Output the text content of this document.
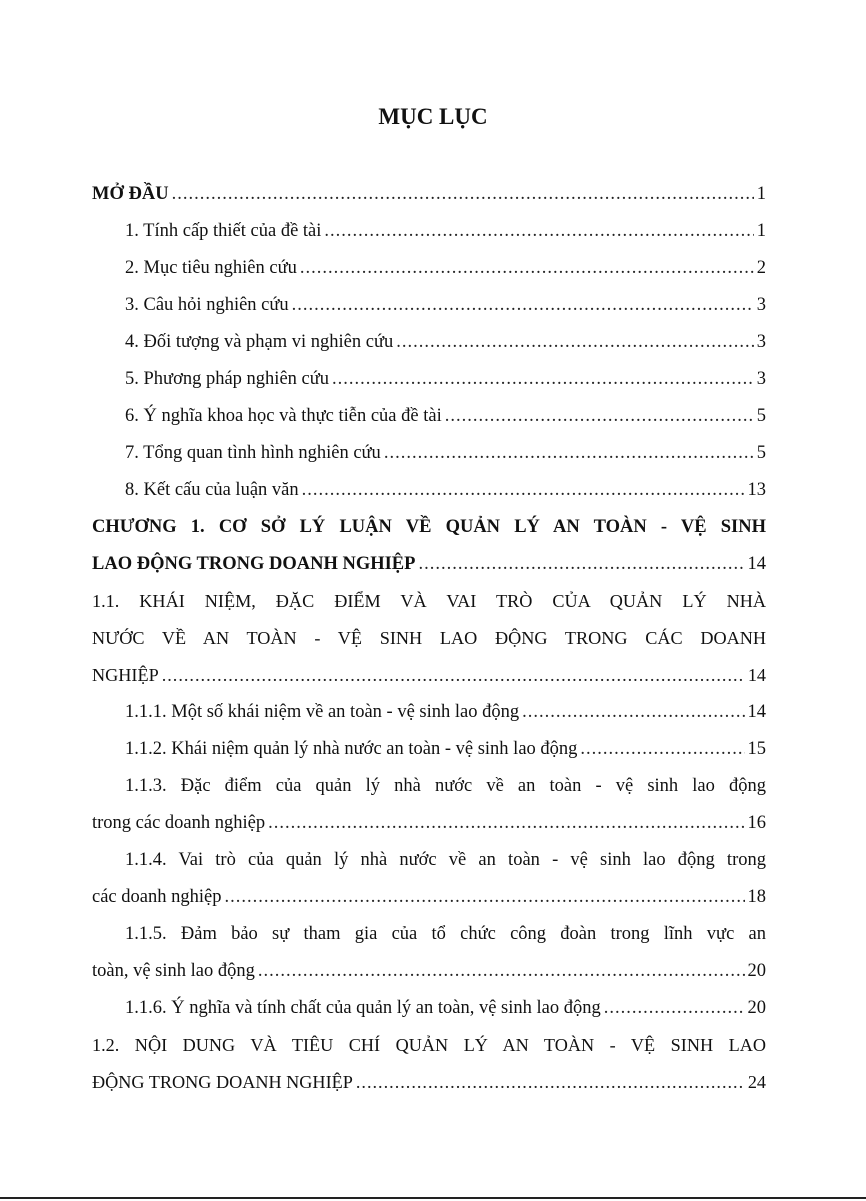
MỤC LỤC
MỞ ĐẦU .....	1
1. Tính cấp thiết của đề tài .....	1
2. Mục tiêu nghiên cứu .....	2
3. Câu hỏi nghiên cứu .....	3
4. Đối tượng và phạm vi nghiên cứu .....	3
5. Phương pháp nghiên cứu .....	3
6. Ý nghĩa khoa học và thực tiễn của đề tài .....	5
7. Tổng quan tình hình nghiên cứu .....	5
8. Kết cấu của luận văn .....	13
CHƯƠNG 1. CƠ SỞ LÝ LUẬN VỀ QUẢN LÝ AN TOÀN - VỆ SINH
LAO ĐỘNG TRONG DOANH NGHIỆP .....	14
1.1. KHÁI NIỆM, ĐẶC ĐIỂM VÀ VAI TRÒ CỦA QUẢN LÝ NHÀ
NƯỚC VỀ AN TOÀN - VỆ SINH LAO ĐỘNG TRONG CÁC DOANH
NGHIỆP .....	14
1.1.1. Một số khái niệm về an toàn - vệ sinh lao động .....	14
1.1.2. Khái niệm quản lý nhà nước an toàn - vệ sinh lao động .....	15
1.1.3. Đặc điểm của quản lý nhà nước về an toàn - vệ sinh lao động
trong các doanh nghiệp .....	16
1.1.4. Vai trò của quản lý nhà nước về an toàn - vệ sinh lao động trong
các doanh nghiệp .....	18
1.1.5. Đảm bảo sự tham gia của tổ chức công đoàn trong lĩnh vực an
toàn, vệ sinh lao động .....	20
1.1.6. Ý nghĩa và tính chất của quản lý an toàn, vệ sinh lao động .....	20
1.2. NỘI DUNG VÀ TIÊU CHÍ QUẢN LÝ AN TOÀN - VỆ SINH LAO
ĐỘNG TRONG DOANH NGHIỆP .....	24
